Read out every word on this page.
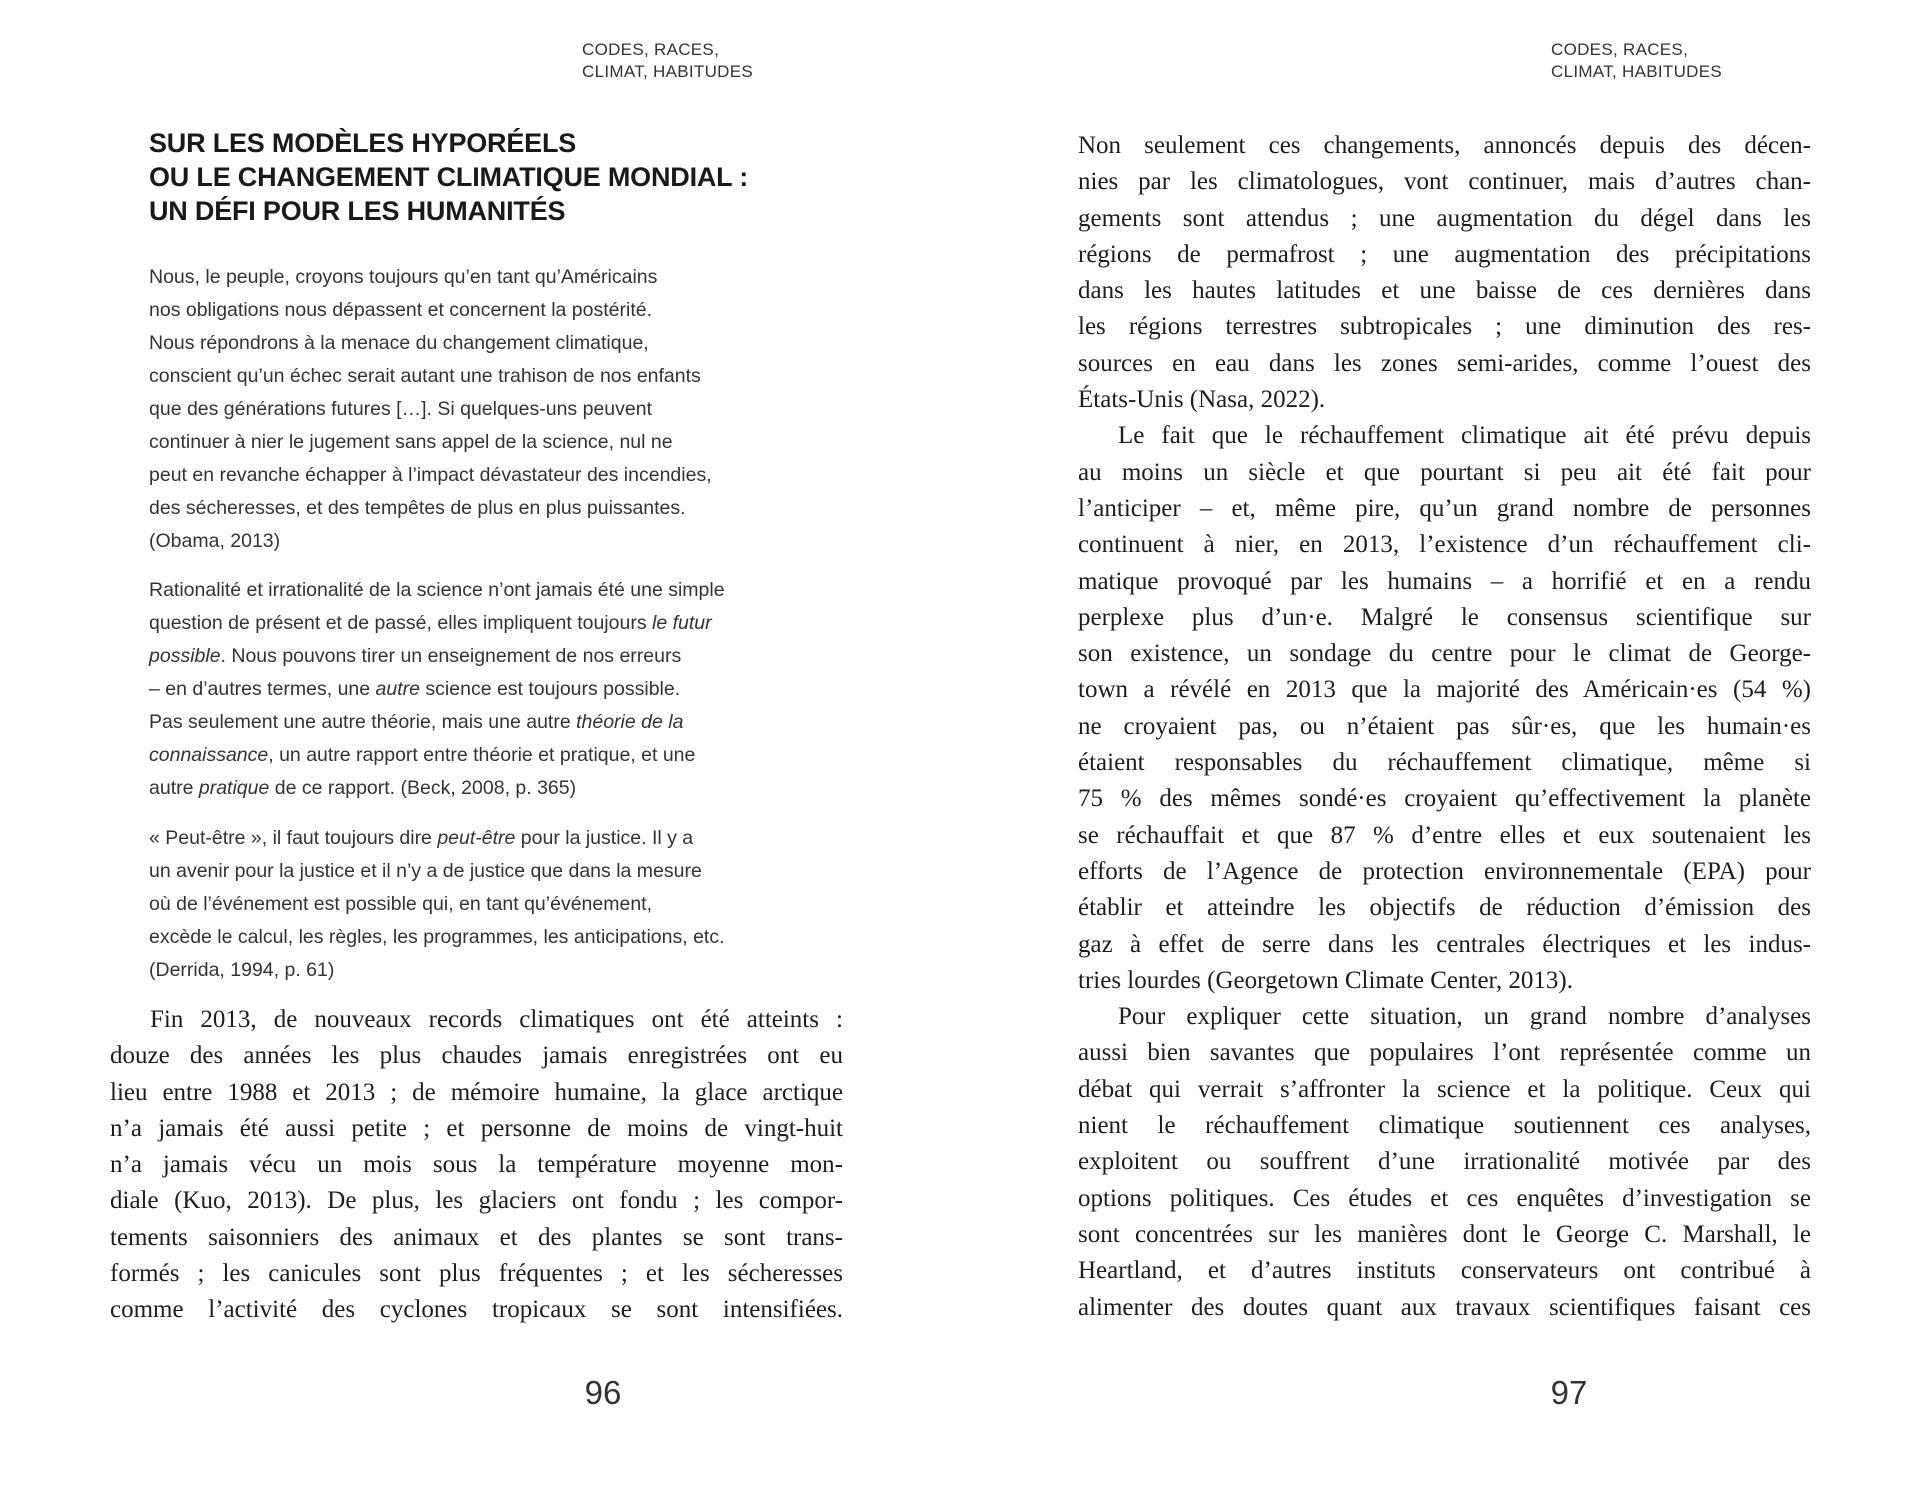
CODES, RACES,
CLIMAT, HABITUDES
SUR LES MODÈLES HYPORÉELS
OU LE CHANGEMENT CLIMATIQUE MONDIAL :
UN DÉFI POUR LES HUMANITÉS
Nous, le peuple, croyons toujours qu’en tant qu’Américains
nos obligations nous dépassent et concernent la postérité.
Nous répondrons à la menace du changement climatique,
conscient qu’un échec serait autant une trahison de nos enfants
que des générations futures […]. Si quelques-uns peuvent
continuer à nier le jugement sans appel de la science, nul ne
peut en revanche échapper à l’impact dévastateur des incendies,
des sécheresses, et des tempêtes de plus en plus puissantes.
(Obama, 2013)
Rationalité et irrationalité de la science n’ont jamais été une simple
question de présent et de passé, elles impliquent toujours le futur
possible. Nous pouvons tirer un enseignement de nos erreurs
– en d’autres termes, une autre science est toujours possible.
Pas seulement une autre théorie, mais une autre théorie de la
connaissance, un autre rapport entre théorie et pratique, et une
autre pratique de ce rapport. (Beck, 2008, p. 365)
« Peut-être », il faut toujours dire peut-être pour la justice. Il y a
un avenir pour la justice et il n’y a de justice que dans la mesure
où de l’événement est possible qui, en tant qu’événement,
excède le calcul, les règles, les programmes, les anticipations, etc.
(Derrida, 1994, p. 61)
Fin 2013, de nouveaux records climatiques ont été atteints :
douze des années les plus chaudes jamais enregistrées ont eu
lieu entre 1988 et 2013 ; de mémoire humaine, la glace arctique
n’a jamais été aussi petite ; et personne de moins de vingt-huit
n’a jamais vécu un mois sous la température moyenne mon-
diale (Kuo, 2013). De plus, les glaciers ont fondu ; les compor-
tements saisonniers des animaux et des plantes se sont trans-
formés ; les canicules sont plus fréquentes ; et les sécheresses
comme l’activité des cyclones tropicaux se sont intensifiées.
96
CODES, RACES,
CLIMAT, HABITUDES
Non seulement ces changements, annoncés depuis des décen-
nies par les climatologues, vont continuer, mais d’autres chan-
gements sont attendus ; une augmentation du dégel dans les
régions de permafrost ; une augmentation des précipitations
dans les hautes latitudes et une baisse de ces dernières dans
les régions terrestres subtropicales ; une diminution des res-
sources en eau dans les zones semi-arides, comme l’ouest des
États-Unis (Nasa, 2022).
Le fait que le réchauffement climatique ait été prévu depuis
au moins un siècle et que pourtant si peu ait été fait pour
l’anticiper – et, même pire, qu’un grand nombre de personnes
continuent à nier, en 2013, l’existence d’un réchauffement cli-
matique provoqué par les humains – a horrifié et en a rendu
perplexe plus d’un·e. Malgré le consensus scientifique sur
son existence, un sondage du centre pour le climat de George-
town a révélé en 2013 que la majorité des Américain·es (54 %)
ne croyaient pas, ou n’étaient pas sûr·es, que les humain·es
étaient responsables du réchauffement climatique, même si
75 % des mêmes sondé·es croyaient qu’effectivement la planète
se réchauffait et que 87 % d’entre elles et eux soutenaient les
efforts de l’Agence de protection environnementale (EPA) pour
établir et atteindre les objectifs de réduction d’émission des
gaz à effet de serre dans les centrales électriques et les indus-
tries lourdes (Georgetown Climate Center, 2013).
Pour expliquer cette situation, un grand nombre d’analyses
aussi bien savantes que populaires l’ont représentée comme un
débat qui verrait s’affronter la science et la politique. Ceux qui
nient le réchauffement climatique soutiennent ces analyses,
exploitent ou souffrent d’une irrationalité motivée par des
options politiques. Ces études et ces enquêtes d’investigation se
sont concentrées sur les manières dont le George C. Marshall, le
Heartland, et d’autres instituts conservateurs ont contribué à
alimenter des doutes quant aux travaux scientifiques faisant ces
97
